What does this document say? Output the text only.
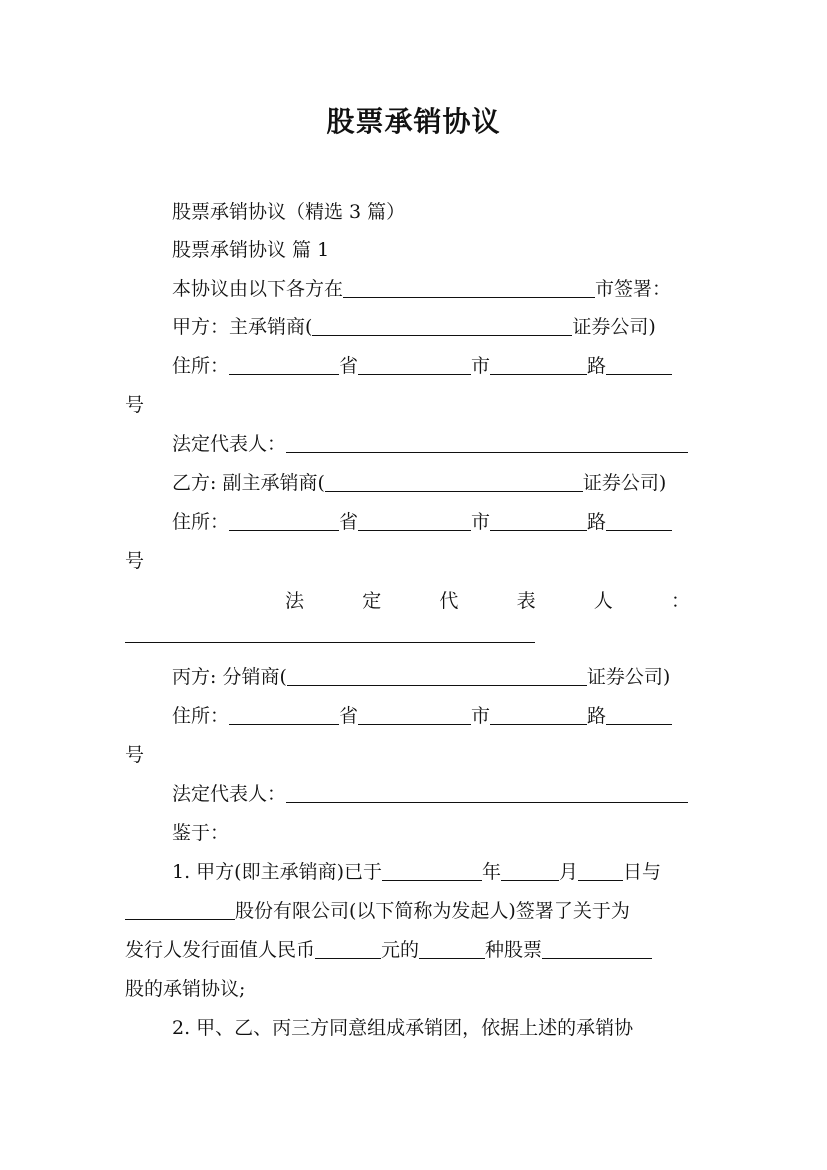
股票承销协议
股票承销协议（精选 3 篇）
股票承销协议 篇 1
本协议由以下各方在	市签署：
甲方：主承销商(	证券公司)
住所：	省	市	路
号
法定代表人：
乙方: 副主承销商(	证券公司)
住所：	省	市	路
号
法	定	代	表	人	：
丙方: 分销商(	证券公司)
住所：	省	市	路
号
法定代表人：
鉴于：
1. 甲方(即主承销商)已于	年	月 日与
股份有限公司(以下简称为发起人)签署了关于为
发行人发行面值人民币	元的	种股票
股的承销协议;
2. 甲、乙、丙三方同意组成承销团，依据上述的承销协
